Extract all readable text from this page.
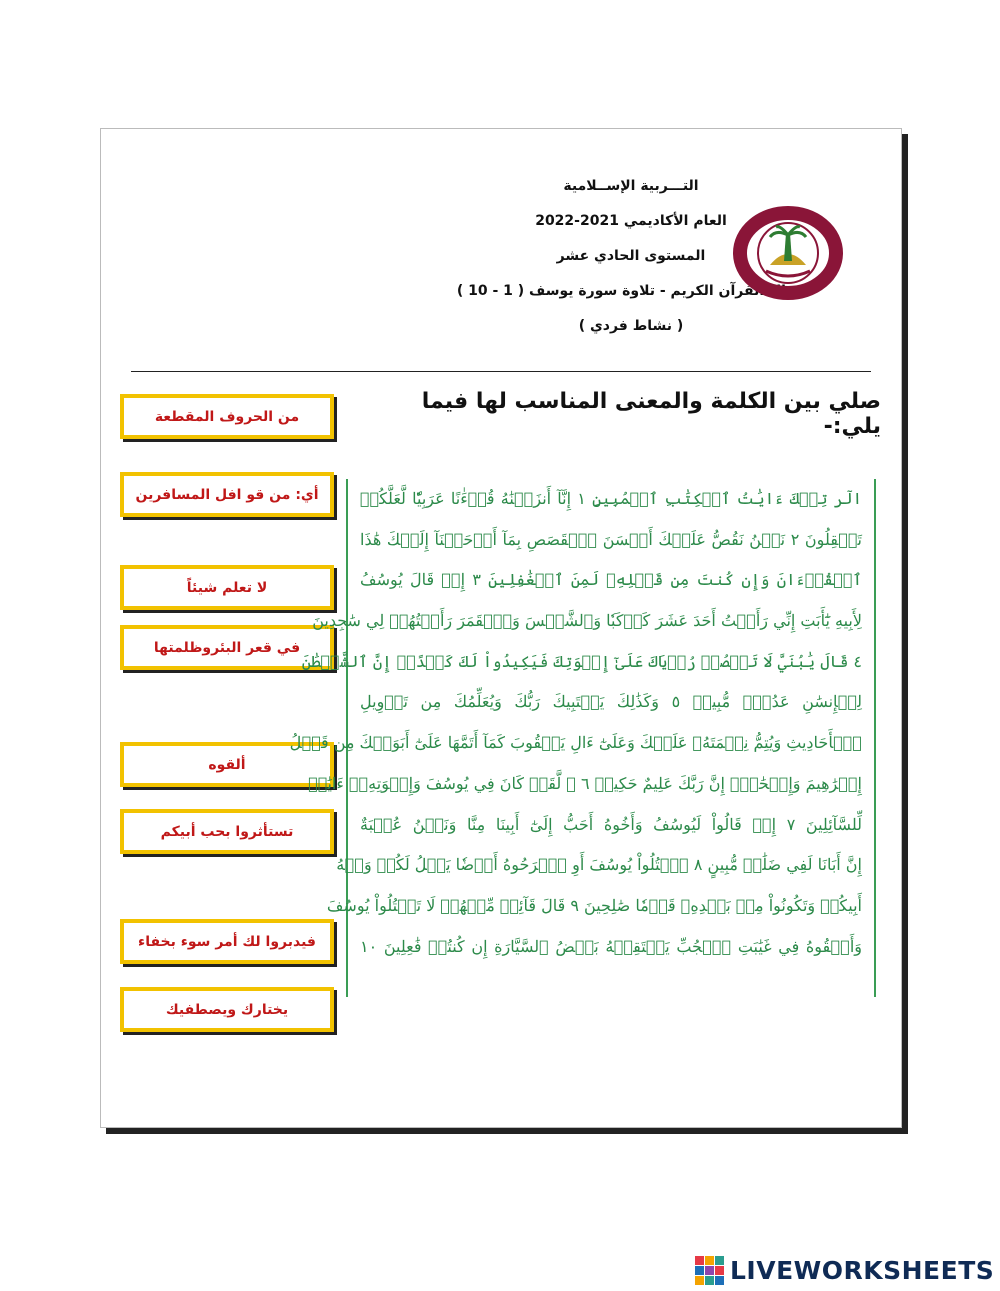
التـــربية الإســلامية
العام الأكاديمي 2021-2022
المستوى الحادي عشر
مجال القرآن الكريم - تلاوة سورة يوسف ( 1 - 10 )
( نشاط فردي )
صلي بين الكلمة والمعنى المناسب لها فيما يلي:-
من الحروف المقطعة
أي: من قو افل المسافرين
لا تعلم شيئاً
في قعر البئروظلمتها
ألقوه
تستأثروا بحب أبيكم
فيدبروا لك أمر سوء بخفاء
يختارك ويصطفيك
الٓر تِلۡكَ ءَايَٰتُ ٱلۡكِتَٰبِ ٱلۡمُبِينِ ١ إِنَّآ أَنزَلۡنَٰهُ قُرۡءَٰنًا عَرَبِيّٗا لَّعَلَّكُمۡ
تَعۡقِلُونَ ٢ نَحۡنُ نَقُصُّ عَلَيۡكَ أَحۡسَنَ ٱلۡقَصَصِ بِمَآ أَوۡحَيۡنَآ إِلَيۡكَ هَٰذَا
ٱلۡقُرۡءَانَ وَإِن كُنتَ مِن قَبۡلِهِۦ لَمِنَ ٱلۡغَٰفِلِينَ ٣ إِذۡ قَالَ يُوسُفُ
لِأَبِيهِ يَٰٓأَبَتِ إِنِّي رَأَيۡتُ أَحَدَ عَشَرَ كَوۡكَبٗا وَٱلشَّمۡسَ وَٱلۡقَمَرَ رَأَيۡتُهُمۡ لِي سَٰجِدِينَ
٤ قَالَ يَٰبُنَيَّ لَا تَقۡصُصۡ رُءۡيَاكَ عَلَىٰٓ إِخۡوَتِكَ فَيَكِيدُواْ لَكَ كَيۡدًاۖ إِنَّ ٱلشَّيۡطَٰنَ
لِلۡإِنسَٰنِ عَدُوّٞ مُّبِينٞ ٥ وَكَذَٰلِكَ يَجۡتَبِيكَ رَبُّكَ وَيُعَلِّمُكَ مِن تَأۡوِيلِ
ٱلۡأَحَادِيثِ وَيُتِمُّ نِعۡمَتَهُۥ عَلَيۡكَ وَعَلَىٰٓ ءَالِ يَعۡقُوبَ كَمَآ أَتَمَّهَا عَلَىٰٓ أَبَوَيۡكَ مِن قَبۡلُ
إِبۡرَٰهِيمَ وَإِسۡحَٰقَۚ إِنَّ رَبَّكَ عَلِيمٌ حَكِيمٞ ٦ ۞ لَّقَدۡ كَانَ فِي يُوسُفَ وَإِخۡوَتِهِۦٓ ءَايَٰتٞ
لِّلسَّآئِلِينَ ٧ إِذۡ قَالُواْ لَيُوسُفُ وَأَخُوهُ أَحَبُّ إِلَىٰٓ أَبِينَا مِنَّا وَنَحۡنُ عُصۡبَةٌ
إِنَّ أَبَانَا لَفِي ضَلَٰلٖ مُّبِينٍ ٨ ٱقۡتُلُواْ يُوسُفَ أَوِ ٱطۡرَحُوهُ أَرۡضٗا يَخۡلُ لَكُمۡ وَجۡهُ
أَبِيكُمۡ وَتَكُونُواْ مِنۢ بَعۡدِهِۦ قَوۡمٗا صَٰلِحِينَ ٩ قَالَ قَآئِلٞ مِّنۡهُمۡ لَا تَقۡتُلُواْ يُوسُفَ
وَأَلۡقُوهُ فِي غَيَٰبَتِ ٱلۡجُبِّ يَلۡتَقِطۡهُ بَعۡضُ ٱلسَّيَّارَةِ إِن كُنتُمۡ فَٰعِلِينَ ١٠
LIVEWORKSHEETS
